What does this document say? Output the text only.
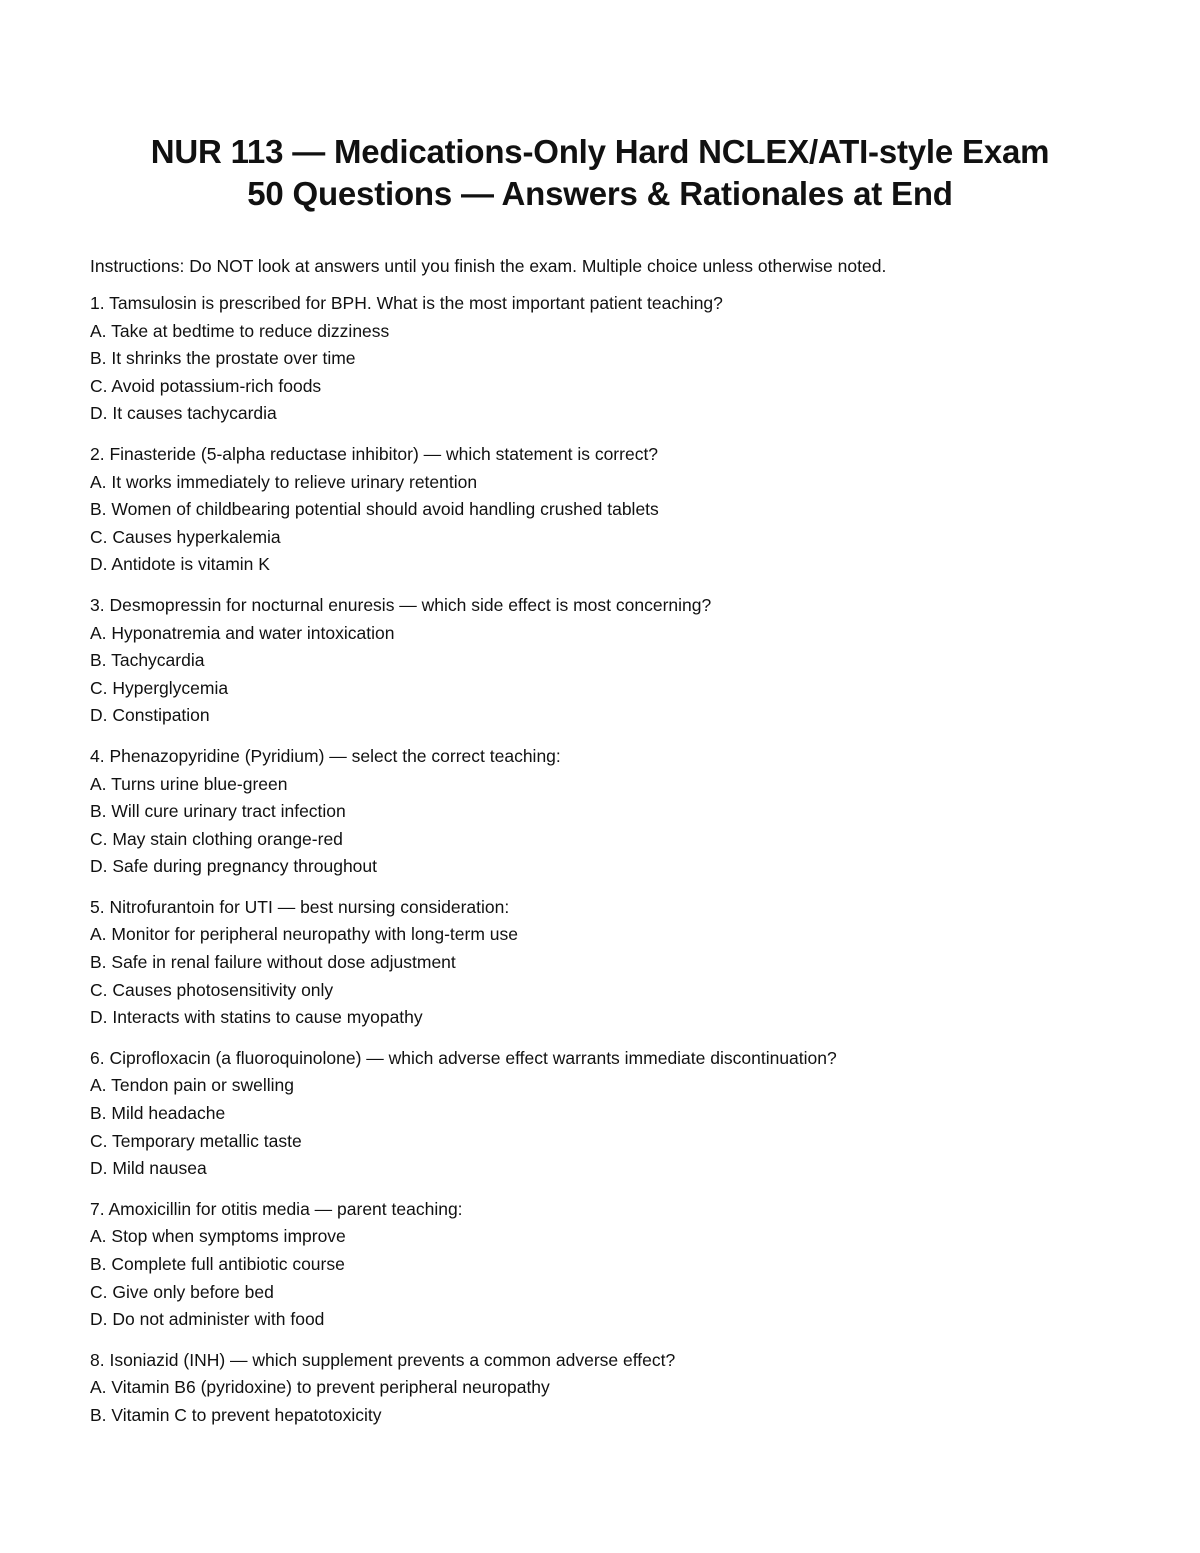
NUR 113 — Medications-Only Hard NCLEX/ATI-style Exam
50 Questions — Answers & Rationales at End
Instructions: Do NOT look at answers until you finish the exam. Multiple choice unless otherwise noted.
1. Tamsulosin is prescribed for BPH. What is the most important patient teaching?
A. Take at bedtime to reduce dizziness
B. It shrinks the prostate over time
C. Avoid potassium-rich foods
D. It causes tachycardia
2. Finasteride (5-alpha reductase inhibitor) — which statement is correct?
A. It works immediately to relieve urinary retention
B. Women of childbearing potential should avoid handling crushed tablets
C. Causes hyperkalemia
D. Antidote is vitamin K
3. Desmopressin for nocturnal enuresis — which side effect is most concerning?
A. Hyponatremia and water intoxication
B. Tachycardia
C. Hyperglycemia
D. Constipation
4. Phenazopyridine (Pyridium) — select the correct teaching:
A. Turns urine blue-green
B. Will cure urinary tract infection
C. May stain clothing orange-red
D. Safe during pregnancy throughout
5. Nitrofurantoin for UTI — best nursing consideration:
A. Monitor for peripheral neuropathy with long-term use
B. Safe in renal failure without dose adjustment
C. Causes photosensitivity only
D. Interacts with statins to cause myopathy
6. Ciprofloxacin (a fluoroquinolone) — which adverse effect warrants immediate discontinuation?
A. Tendon pain or swelling
B. Mild headache
C. Temporary metallic taste
D. Mild nausea
7. Amoxicillin for otitis media — parent teaching:
A. Stop when symptoms improve
B. Complete full antibiotic course
C. Give only before bed
D. Do not administer with food
8. Isoniazid (INH) — which supplement prevents a common adverse effect?
A. Vitamin B6 (pyridoxine) to prevent peripheral neuropathy
B. Vitamin C to prevent hepatotoxicity
